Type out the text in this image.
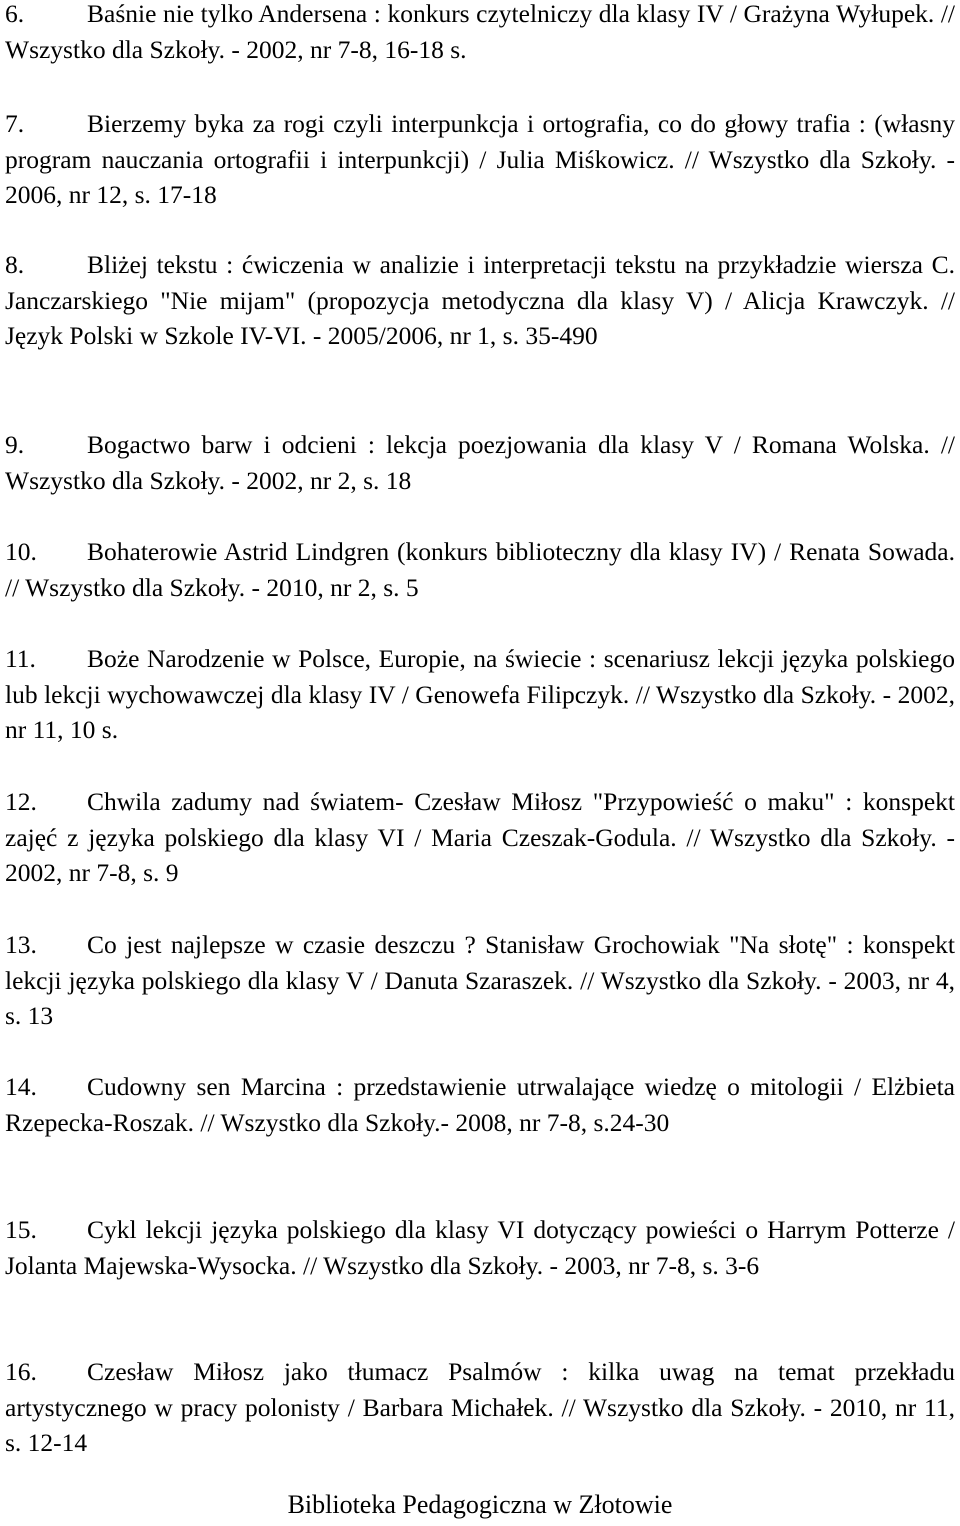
6. Baśnie nie tylko Andersena : konkurs czytelniczy dla klasy IV / Grażyna Wyłupek. // Wszystko dla Szkoły. - 2002, nr 7-8, 16-18 s.

7. Bierzemy byka za rogi czyli interpunkcja i ortografia, co do głowy trafia : (własny program nauczania ortografii i interpunkcji) / Julia Miśkowicz. // Wszystko dla Szkoły. - 2006, nr 12, s. 17-18

8. Bliżej tekstu : ćwiczenia w analizie i interpretacji tekstu na przykładzie wiersza C. Janczarskiego "Nie mijam" (propozycja metodyczna dla klasy V) / Alicja Krawczyk. // Język Polski w Szkole IV-VI. - 2005/2006, nr 1, s. 35-490

9. Bogactwo barw i odcieni : lekcja poezjowania dla klasy V / Romana Wolska. // Wszystko dla Szkoły. - 2002, nr 2, s. 18

10. Bohaterowie Astrid Lindgren (konkurs biblioteczny dla klasy IV) / Renata Sowada. // Wszystko dla Szkoły. - 2010, nr 2, s. 5

11. Boże Narodzenie w Polsce, Europie, na świecie : scenariusz lekcji języka polskiego lub lekcji wychowawczej dla klasy IV / Genowefa Filipczyk. // Wszystko dla Szkoły. - 2002, nr 11, 10 s.

12. Chwila zadumy nad światem- Czesław Miłosz "Przypowieść o maku" : konspekt zajęć z języka polskiego dla klasy VI / Maria Czeszak-Godula. // Wszystko dla Szkoły. - 2002, nr 7-8, s. 9

13. Co jest najlepsze w czasie deszczu ? Stanisław Grochowiak "Na słotę" : konspekt lekcji języka polskiego dla klasy V / Danuta Szaraszek. // Wszystko dla Szkoły. - 2003, nr 4, s. 13

14. Cudowny sen Marcina : przedstawienie utrwalające wiedzę o mitologii / Elżbieta Rzepecka-Roszak. // Wszystko dla Szkoły.- 2008, nr 7-8, s.24-30

15. Cykl lekcji języka polskiego dla klasy VI dotyczący powieści o Harrym Potterze / Jolanta Majewska-Wysocka. // Wszystko dla Szkoły. - 2003, nr 7-8, s. 3-6

16. Czesław Miłosz jako tłumacz Psalmów : kilka uwag na temat przekładu artystycznego w pracy polonisty / Barbara Michałek. // Wszystko dla Szkoły. - 2010, nr 11, s. 12-14

Biblioteka Pedagogiczna w Złotowie
